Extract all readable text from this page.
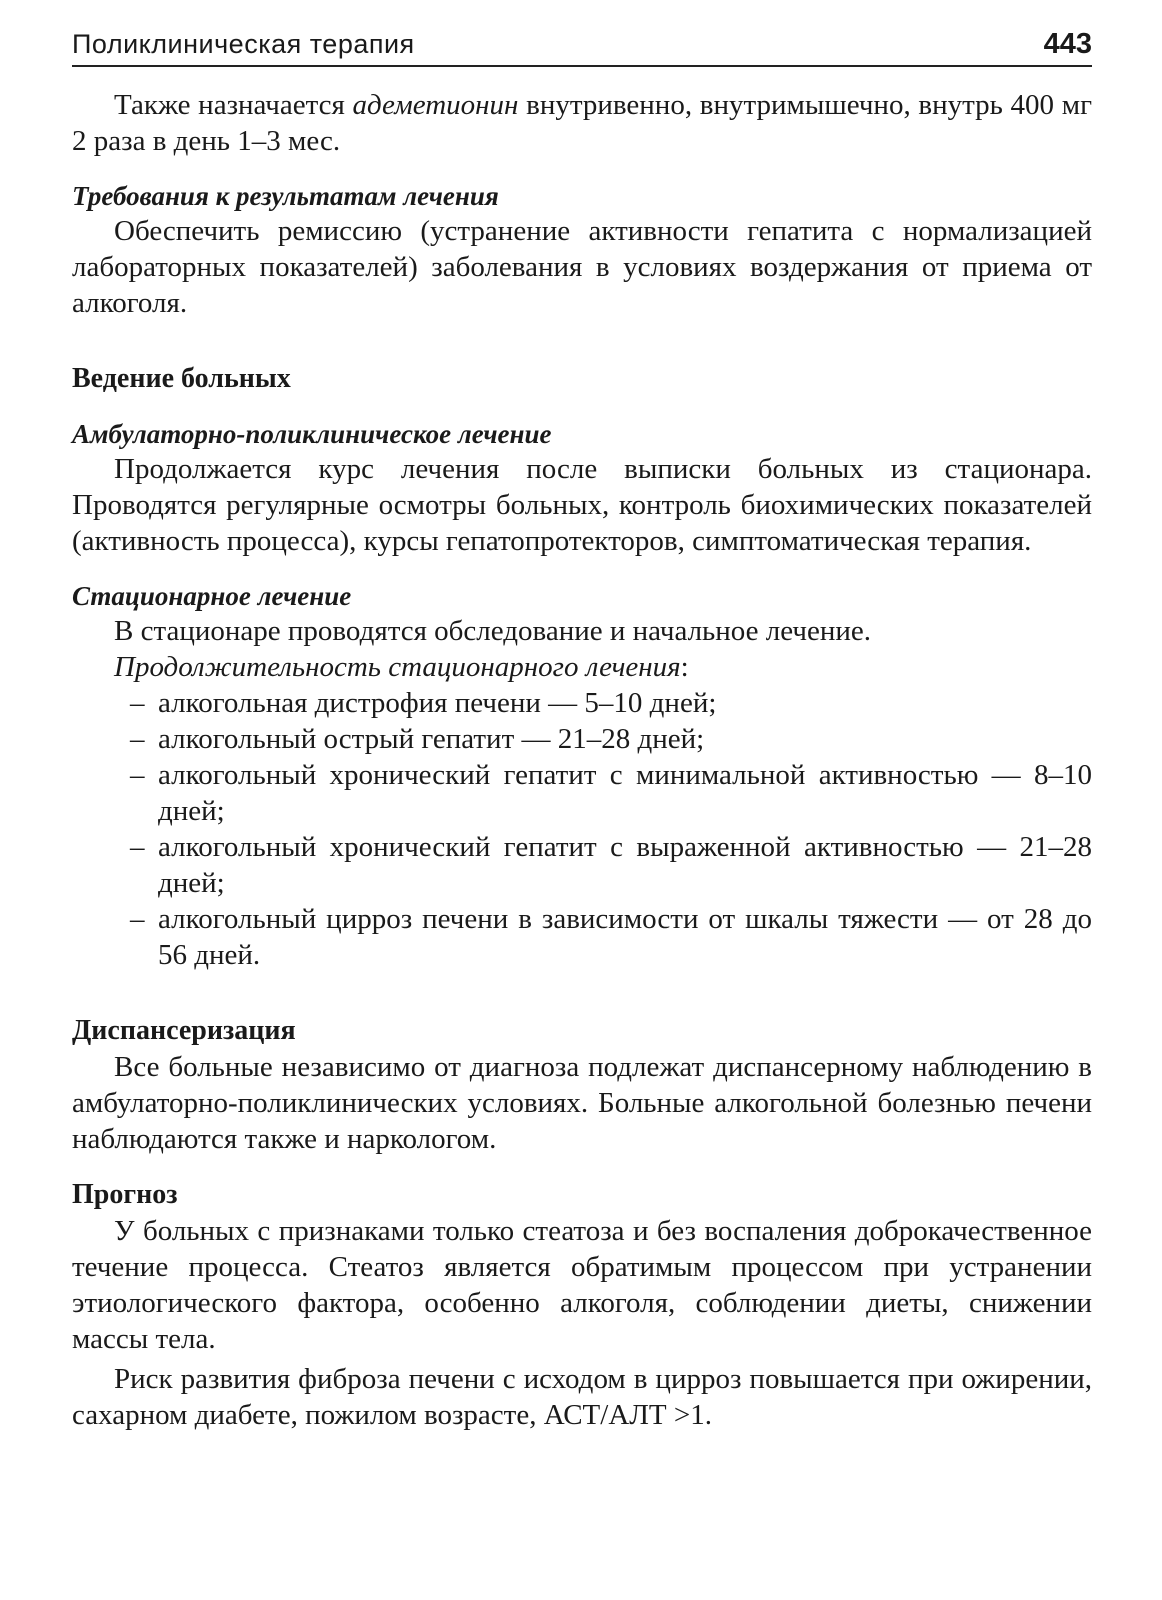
Поликлиническая терапия	443

Также назначается адеметионин внутривенно, внутримышечно, внутрь 400 мг 2 раза в день 1–3 мес.

Требования к результатам лечения

Обеспечить ремиссию (устранение активности гепатита с нормализацией лабораторных показателей) заболевания в условиях воздержания от приема от алкоголя.

Ведение больных
Амбулаторно-поликлиническое лечение

Продолжается курс лечения после выписки больных из стационара. Проводятся регулярные осмотры больных, контроль биохимических показателей (активность процесса), курсы гепатопротекторов, симптоматическая терапия.

Стационарное лечение

В стационаре проводятся обследование и начальное лечение.

Продолжительность стационарного лечения:

– алкогольная дистрофия печени — 5–10 дней;
– алкогольный острый гепатит — 21–28 дней;
– алкогольный хронический гепатит с минимальной активностью — 8–10 дней;
– алкогольный хронический гепатит с выраженной активностью — 21–28 дней;
– алкогольный цирроз печени в зависимости от шкалы тяжести — от 28 до 56 дней.
Диспансеризация

Все больные независимо от диагноза подлежат диспансерному наблюдению в амбулаторно-поликлинических условиях. Больные алкогольной болезнью печени наблюдаются также и наркологом.

Прогноз

У больных с признаками только стеатоза и без воспаления доброкачественное течение процесса. Стеатоз является обратимым процессом при устранении этиологического фактора, особенно алкоголя, соблюдении диеты, снижении массы тела.

Риск развития фиброза печени с исходом в цирроз повышается при ожирении, сахарном диабете, пожилом возрасте, АСТ/АЛТ >1.
